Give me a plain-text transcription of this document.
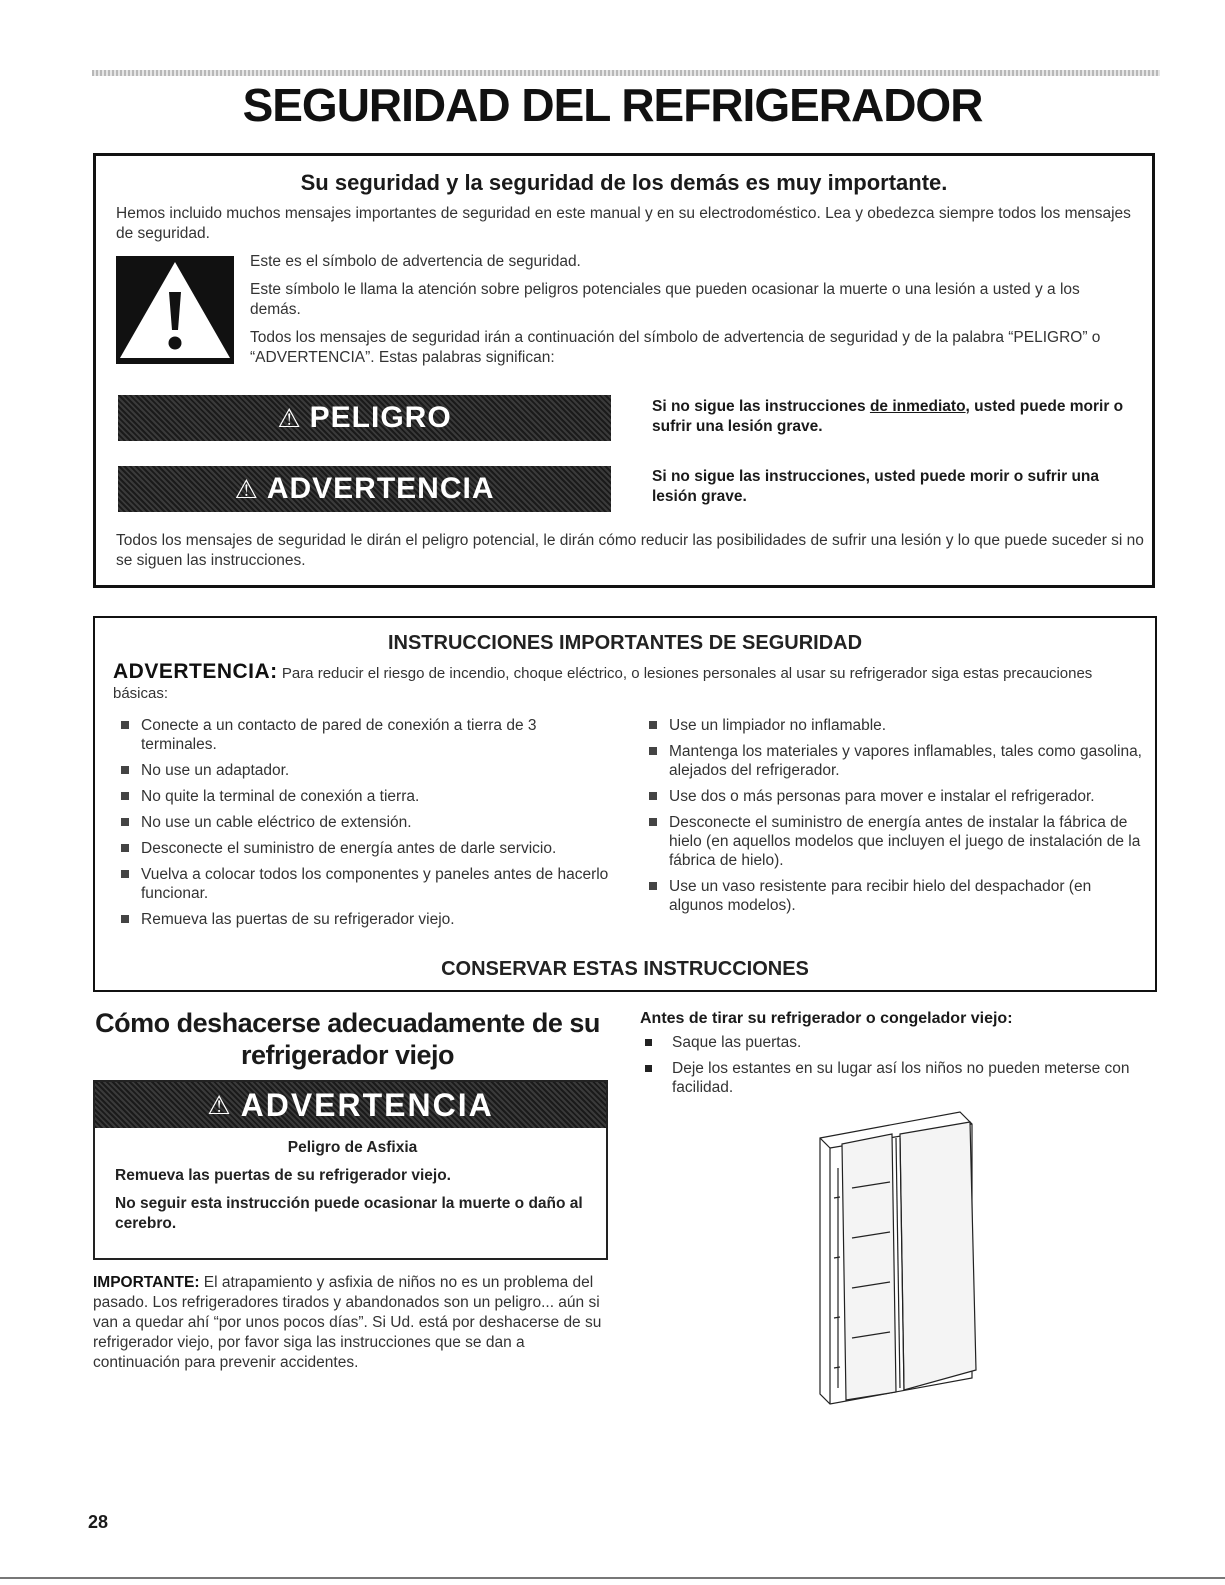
SEGURIDAD DEL REFRIGERADOR
Su seguridad y la seguridad de los demás es muy importante.
Hemos incluido muchos mensajes importantes de seguridad en este manual y en su electrodoméstico. Lea y obedezca siempre todos los mensajes de seguridad.

Este es el símbolo de advertencia de seguridad.

Este símbolo le llama la atención sobre peligros potenciales que pueden ocasionar la muerte o una lesión a usted y a los demás.

Todos los mensajes de seguridad irán a continuación del símbolo de advertencia de seguridad y de la palabra “PELIGRO” o “ADVERTENCIA”. Estas palabras significan:

⚠ PELIGRO	Si no sigue las instrucciones de inmediato, usted puede morir o sufrir una lesión grave.
⚠ ADVERTENCIA	Si no sigue las instrucciones, usted puede morir o sufrir una lesión grave.
Todos los mensajes de seguridad le dirán el peligro potencial, le dirán cómo reducir las posibilidades de sufrir una lesión y lo que puede suceder si no se siguen las instrucciones.
INSTRUCCIONES IMPORTANTES DE SEGURIDAD
ADVERTENCIA: Para reducir el riesgo de incendio, choque eléctrico, o lesiones personales al usar su refrigerador siga estas precauciones básicas:
Conecte a un contacto de pared de conexión a tierra de 3 terminales.
No use un adaptador.
No quite la terminal de conexión a tierra.
No use un cable eléctrico de extensión.
Desconecte el suministro de energía antes de darle servicio.
Vuelva a colocar todos los componentes y paneles antes de hacerlo funcionar.
Remueva las puertas de su refrigerador viejo.
Use un limpiador no inflamable.
Mantenga los materiales y vapores inflamables, tales como gasolina, alejados del refrigerador.
Use dos o más personas para mover e instalar el refrigerador.
Desconecte el suministro de energía antes de instalar la fábrica de hielo (en aquellos modelos que incluyen el juego de instalación de la fábrica de hielo).
Use un vaso resistente para recibir hielo del despachador (en algunos modelos).
CONSERVAR ESTAS INSTRUCCIONES
Cómo deshacerse adecuadamente de su refrigerador viejo
⚠ ADVERTENCIA

Peligro de Asfixia

Remueva las puertas de su refrigerador viejo.

No seguir esta instrucción puede ocasionar la muerte o daño al cerebro.

IMPORTANTE: El atrapamiento y asfixia de niños no es un problema del pasado. Los refrigeradores tirados y abandonados son un peligro... aún si van a quedar ahí “por unos pocos días”. Si Ud. está por deshacerse de su refrigerador viejo, por favor siga las instrucciones que se dan a continuación para prevenir accidentes.
Antes de tirar su refrigerador o congelador viejo:
Saque las puertas.
Deje los estantes en su lugar así los niños no pueden meterse con facilidad.
28
